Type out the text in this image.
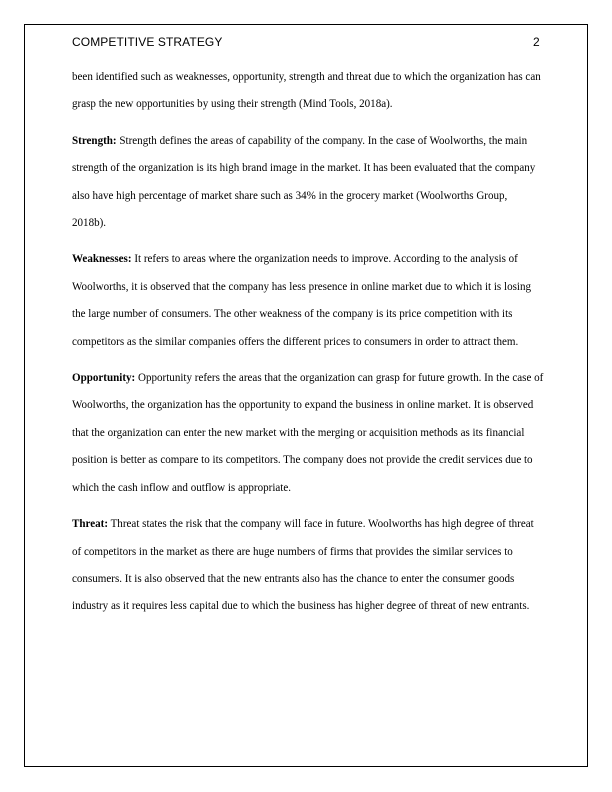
COMPETITIVE STRATEGY	2

been identified such as weaknesses, opportunity, strength and threat due to which the organization has can grasp the new opportunities by using their strength (Mind Tools, 2018a).

Strength: Strength defines the areas of capability of the company. In the case of Woolworths, the main strength of the organization is its high brand image in the market. It has been evaluated that the company also have high percentage of market share such as 34% in the grocery market (Woolworths Group, 2018b).

Weaknesses: It refers to areas where the organization needs to improve. According to the analysis of Woolworths, it is observed that the company has less presence in online market due to which it is losing the large number of consumers. The other weakness of the company is its price competition with its competitors as the similar companies offers the different prices to consumers in order to attract them.

Opportunity: Opportunity refers the areas that the organization can grasp for future growth. In the case of Woolworths, the organization has the opportunity to expand the business in online market. It is observed that the organization can enter the new market with the merging or acquisition methods as its financial position is better as compare to its competitors. The company does not provide the credit services due to which the cash inflow and outflow is appropriate.

Threat: Threat states the risk that the company will face in future. Woolworths has high degree of threat of competitors in the market as there are huge numbers of firms that provides the similar services to consumers. It is also observed that the new entrants also has the chance to enter the consumer goods industry as it requires less capital due to which the business has higher degree of threat of new entrants.
